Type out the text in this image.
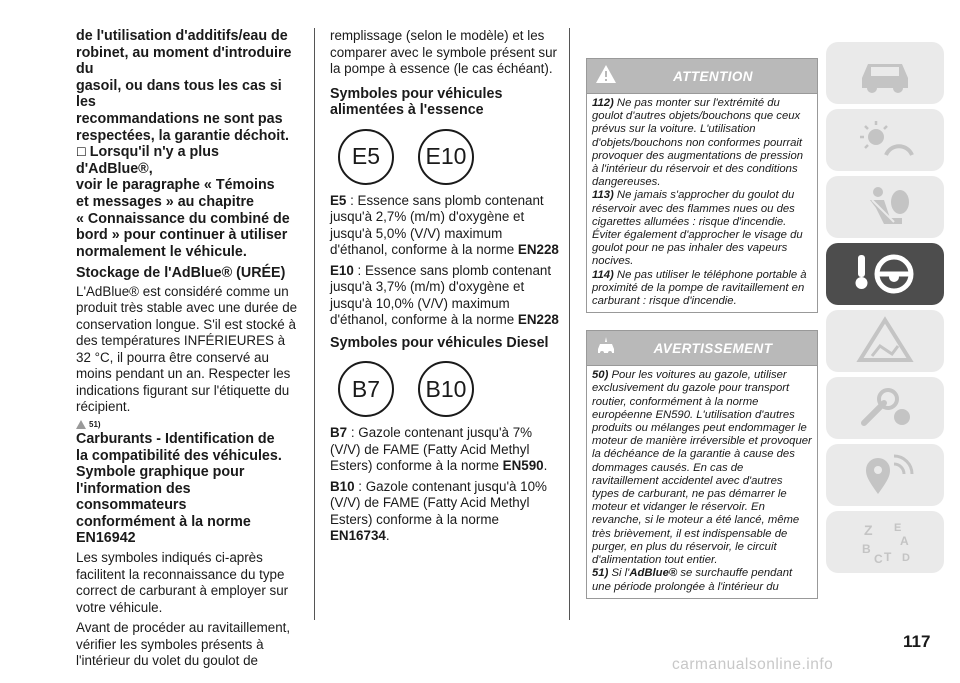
de l'utilisation d'additifs/eau de

robinet, au moment d'introduire du

gasoil, ou dans tous les cas si les

recommandations ne sont pas

respectées, la garantie déchoit.

☐ Lorsqu'il n'y a plus d'AdBlue®,

voir le paragraphe « Témoins

et messages » au chapitre

« Connaissance du combiné de

bord » pour continuer à utiliser

normalement le véhicule.

Stockage de l'AdBlue® (URÉE)

L'AdBlue® est considéré comme un produit très stable avec une durée de conservation longue. S'il est stocké à des températures INFÉRIEURES à 32 °C, il pourra être conservé au moins pendant un an. Respecter les indications figurant sur l'étiquette du récipient.

51)

Carburants - Identification de

la compatibilité des véhicules.

Symbole graphique pour

l'information des consommateurs

conformément à la norme EN16942

Les symboles indiqués ci-après facilitent la reconnaissance du type correct de carburant à employer sur votre véhicule.

Avant de procéder au ravitaillement, vérifier les symboles présents à l'intérieur du volet du goulot de

remplissage (selon le modèle) et les comparer avec le symbole présent sur la pompe à essence (le cas échéant).

Symboles pour véhicules alimentées à l'essence

E5	E10

E5 : Essence sans plomb contenant jusqu'à 2,7% (m/m) d'oxygène et jusqu'à 5,0% (V/V) maximum d'éthanol, conforme à la norme EN228

E10 : Essence sans plomb contenant jusqu'à 3,7% (m/m) d'oxygène et jusqu'à 10,0% (V/V) maximum d'éthanol, conforme à la norme EN228

Symboles pour véhicules Diesel

B7	B10

B7 : Gazole contenant jusqu'à 7% (V/V) de FAME (Fatty Acid Methyl Esters) conforme à la norme EN590.

B10 : Gazole contenant jusqu'à 10% (V/V) de FAME (Fatty Acid Methyl Esters) conforme à la norme EN16734.

ATTENTION

112) Ne pas monter sur l'extrémité du goulot d'autres objets/bouchons que ceux prévus sur la voiture. L'utilisation d'objets/bouchons non conformes pourrait provoquer des augmentations de pression à l'intérieur du réservoir et des conditions dangereuses.

113) Ne jamais s'approcher du goulot du réservoir avec des flammes nues ou des cigarettes allumées : risque d'incendie. Éviter également d'approcher le visage du goulot pour ne pas inhaler des vapeurs nocives.

114) Ne pas utiliser le téléphone portable à proximité de la pompe de ravitaillement en carburant : risque d'incendie.

AVERTISSEMENT

50) Pour les voitures au gazole, utiliser exclusivement du gazole pour transport routier, conformément à la norme européenne EN590. L'utilisation d'autres produits ou mélanges peut endommager le moteur de manière irréversible et provoquer la déchéance de la garantie à cause des dommages causés. En cas de ravitaillement accidentel avec d'autres types de carburant, ne pas démarrer le moteur et vidanger le réservoir. En revanche, si le moteur a été lancé, même très brièvement, il est indispensable de purger, en plus du réservoir, le circuit d'alimentation tout entier.

51) Si l'AdBlue® se surchauffe pendant une période prolongée à l'intérieur du

Z E
A
B
C T D
117
carmanualsonline.info
